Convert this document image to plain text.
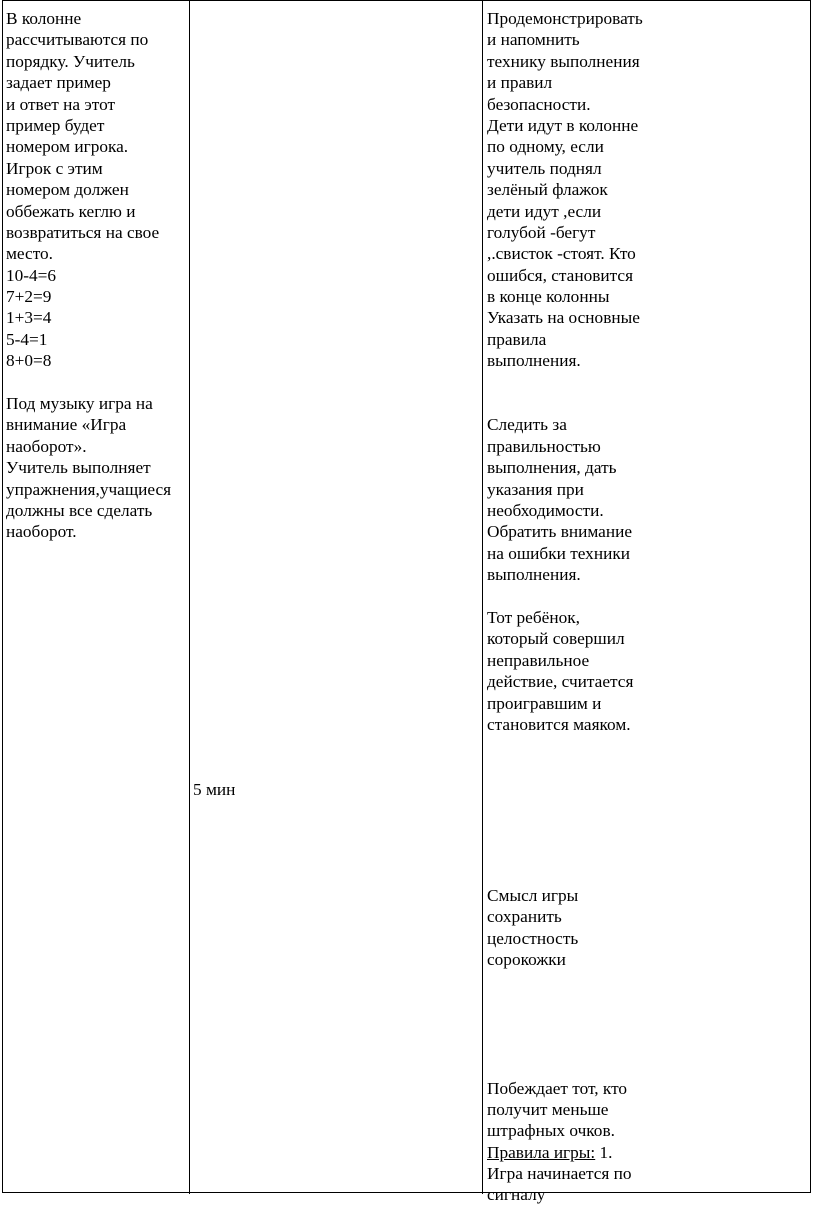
В колонне
рассчитываются по
порядку. Учитель
задает пример
и ответ на этот
пример будет
номером игрока.
Игрок с этим
номером должен
оббежать кеглю и
возвратиться на свое
место.
10-4=6
7+2=9
1+3=4
5-4=1
8+0=8
Под музыку игра на
внимание «Игра
наоборот».
Учитель выполняет
упражнения,учащиеся
должны все сделать
наоборот.
5 мин
Продемонстрировать
и напомнить
технику выполнения
и правил
безопасности.
Дети идут в колонне
по одному, если
учитель поднял
зелёный флажок
дети идут ,если
голубой -бегут
,.свисток -стоят. Кто
ошибся, становится
в конце колонны
Указать на основные
правила
выполнения.
Следить за
правильностью
выполнения, дать
указания при
необходимости.
Обратить внимание
на ошибки техники
выполнения.
Тот ребёнок,
который совершил
неправильное
действие, считается
проигравшим и
становится маяком.
Смысл игры
сохранить
целостность
сорокожки
Побеждает тот, кто
получит меньше
штрафных очков.
Правила игры: 1.
Игра начинается по
сигналу
